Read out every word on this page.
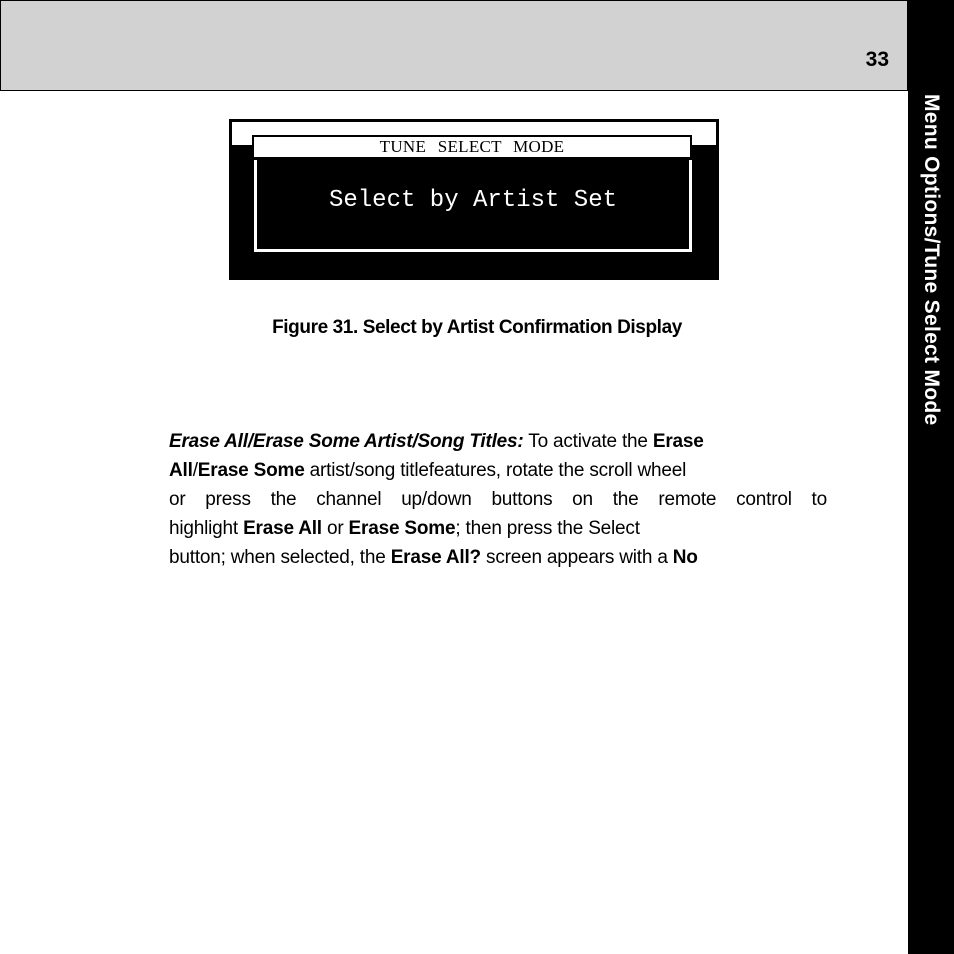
33
Menu Options/Tune Select Mode
TUNE SELECT MODE
Select by Artist Set
Figure 31. Select by Artist Confirmation Display
Erase All/Erase Some Artist/Song Titles: To activate the Erase
All/Erase Some artist/song titlefeatures, rotate the scroll wheel
or press the channel up/down buttons on the remote control to
highlight Erase All or Erase Some; then press the Select
button; when selected, the Erase All? screen appears with a No
